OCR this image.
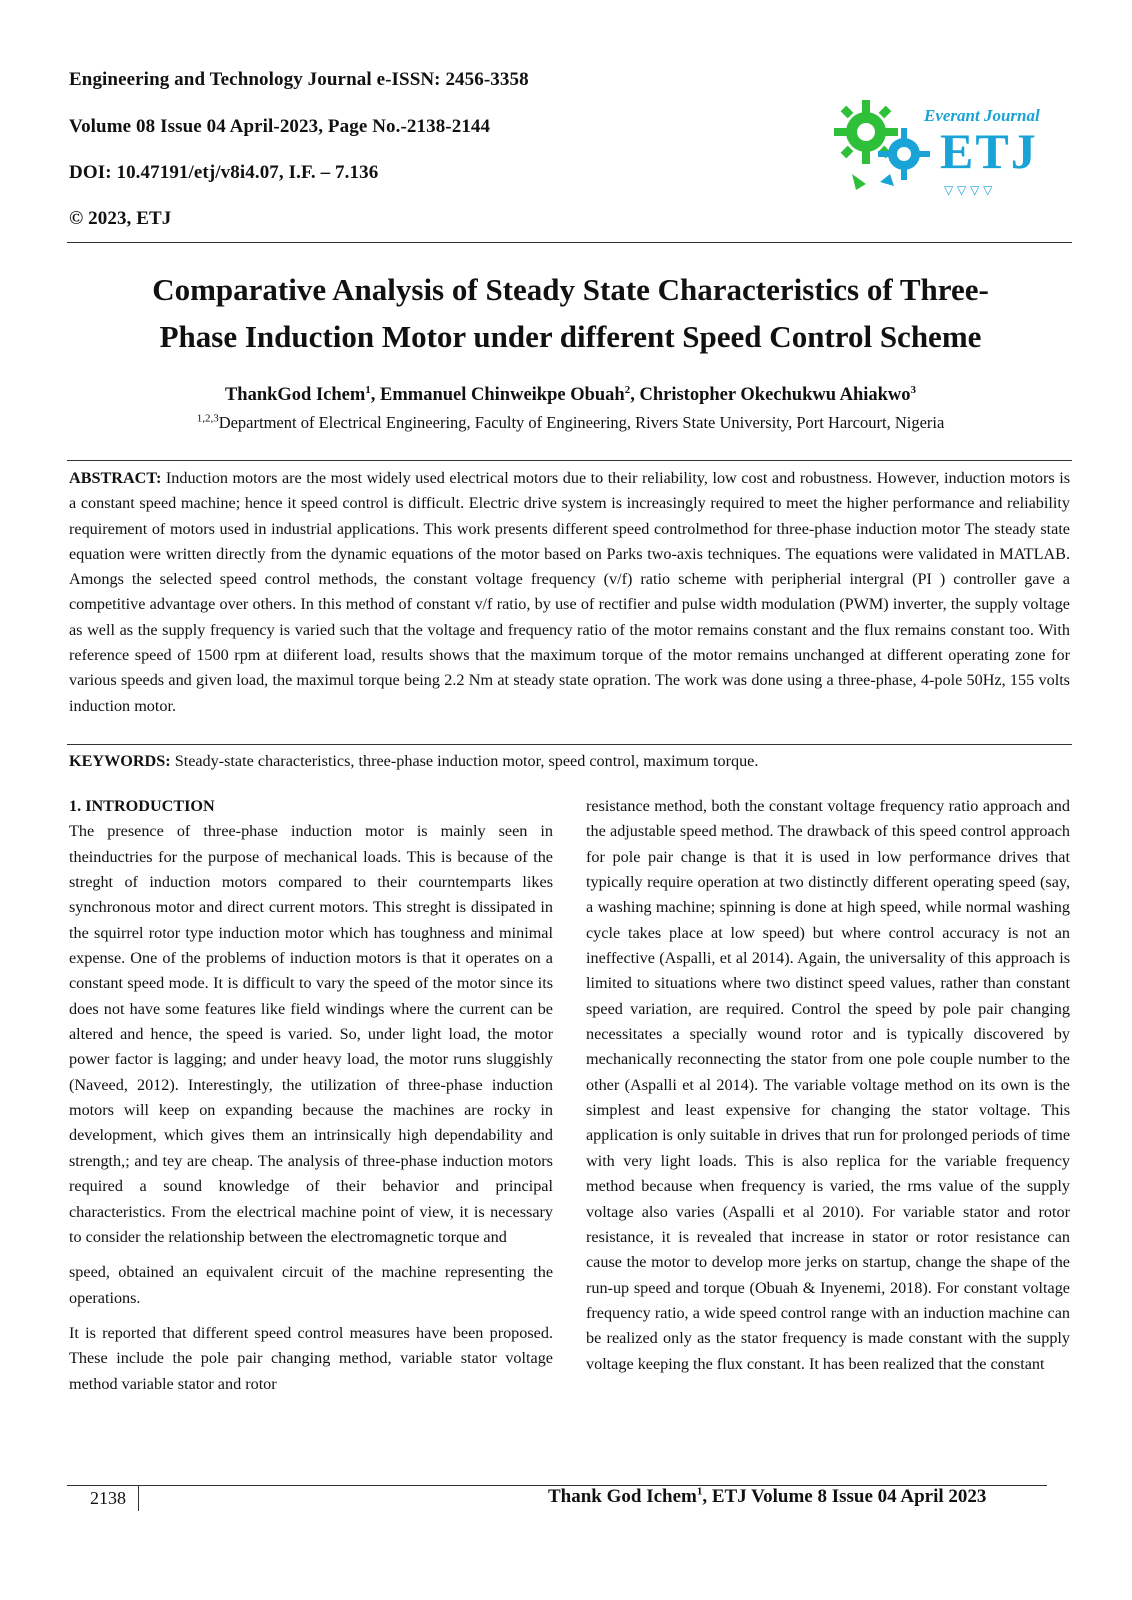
Engineering and Technology Journal e-ISSN: 2456-3358
Volume 08 Issue 04 April-2023, Page No.-2138-2144
DOI: 10.47191/etj/v8i4.07, I.F. – 7.136
© 2023, ETJ
▽ ▽ ▽ ▽
Everant Journal
ETJ
Comparative Analysis of Steady State Characteristics of Three-
Phase Induction Motor under different Speed Control Scheme
ThankGod Ichem$^1$, Emmanuel Chinweikpe Obuah$^2$, Christopher Okechukwu Ahiakwo$^3$
$^{1,2,3}$Department of Electrical Engineering, Faculty of Engineering, Rivers State University, Port Harcourt, Nigeria

ABSTRACT: Induction motors are the most widely used electrical motors due to their reliability, low cost and robustness. However, induction motors is a constant speed machine; hence it speed control is difficult. Electric drive system is increasingly required to meet the higher performance and reliability requirement of motors used in industrial applications. This work presents different speed controlmethod for three-phase induction motor The steady state equation were written directly from the dynamic equations of the motor based on Parks two-axis techniques. The equations were validated in MATLAB. Amongs the selected speed control methods, the constant voltage frequency (v/f) ratio scheme with peripherial intergral (PI ) controller gave a competitive advantage over others. In this method of constant v/f ratio, by use of rectifier and pulse width modulation (PWM) inverter, the supply voltage as well as the supply frequency is varied such that the voltage and frequency ratio of the motor remains constant and the flux remains constant too. With reference speed of 1500 rpm at diiferent load, results shows that the maximum torque of the motor remains unchanged at different operating zone for various speeds and given load, the maximul torque being 2.2 Nm at steady state opration. The work was done using a three-phase, 4-pole 50Hz, 155 volts induction motor.

KEYWORDS: Steady-state characteristics, three-phase induction motor, speed control, maximum torque.

1. INTRODUCTION

The presence of three-phase induction motor is mainly seen in theinductries for the purpose of mechanical loads. This is because of the streght of induction motors compared to their courntemparts likes synchronous motor and direct current motors. This streght is dissipated in the squirrel rotor type induction motor which has toughness and minimal expense. One of the problems of induction motors is that it operates on a constant speed mode. It is difficult to vary the speed of the motor since its does not have some features like field windings where the current can be altered and hence, the speed is varied. So, under light load, the motor power factor is lagging; and under heavy load, the motor runs sluggishly (Naveed, 2012). Interestingly, the utilization of three-phase induction motors will keep on expanding because the machines are rocky in development, which gives them an intrinsically high dependability and strength,; and tey are cheap. The analysis of three-phase induction motors required a sound knowledge of their behavior and principal characteristics. From the electrical machine point of view, it is necessary to consider the relationship between the electromagnetic torque and

speed, obtained an equivalent circuit of the machine representing the operations.

It is reported that different speed control measures have been proposed. These include the pole pair changing method, variable stator voltage method variable stator and rotor

resistance method, both the constant voltage frequency ratio approach and the adjustable speed method. The drawback of this speed control approach for pole pair change is that it is used in low performance drives that typically require operation at two distinctly different operating speed (say, a washing machine; spinning is done at high speed, while normal washing cycle takes place at low speed) but where control accuracy is not an ineffective (Aspalli, et al 2014). Again, the universality of this approach is limited to situations where two distinct speed values, rather than constant speed variation, are required. Control the speed by pole pair changing necessitates a specially wound rotor and is typically discovered by mechanically reconnecting the stator from one pole couple number to the other (Aspalli et al 2014). The variable voltage method on its own is the simplest and least expensive for changing the stator voltage. This application is only suitable in drives that run for prolonged periods of time with very light loads. This is also replica for the variable frequency method because when frequency is varied, the rms value of the supply voltage also varies (Aspalli et al 2010). For variable stator and rotor resistance, it is revealed that increase in stator or rotor resistance can cause the motor to develop more jerks on startup, change the shape of the run-up speed and torque (Obuah & Inyenemi, 2018). For constant voltage frequency ratio, a wide speed control range with an induction machine can be realized only as the stator frequency is made constant with the supply voltage keeping the flux constant. It has been realized that the constant

2138	Thank God Ichem$^1$, ETJ Volume 8 Issue 04 April 2023
